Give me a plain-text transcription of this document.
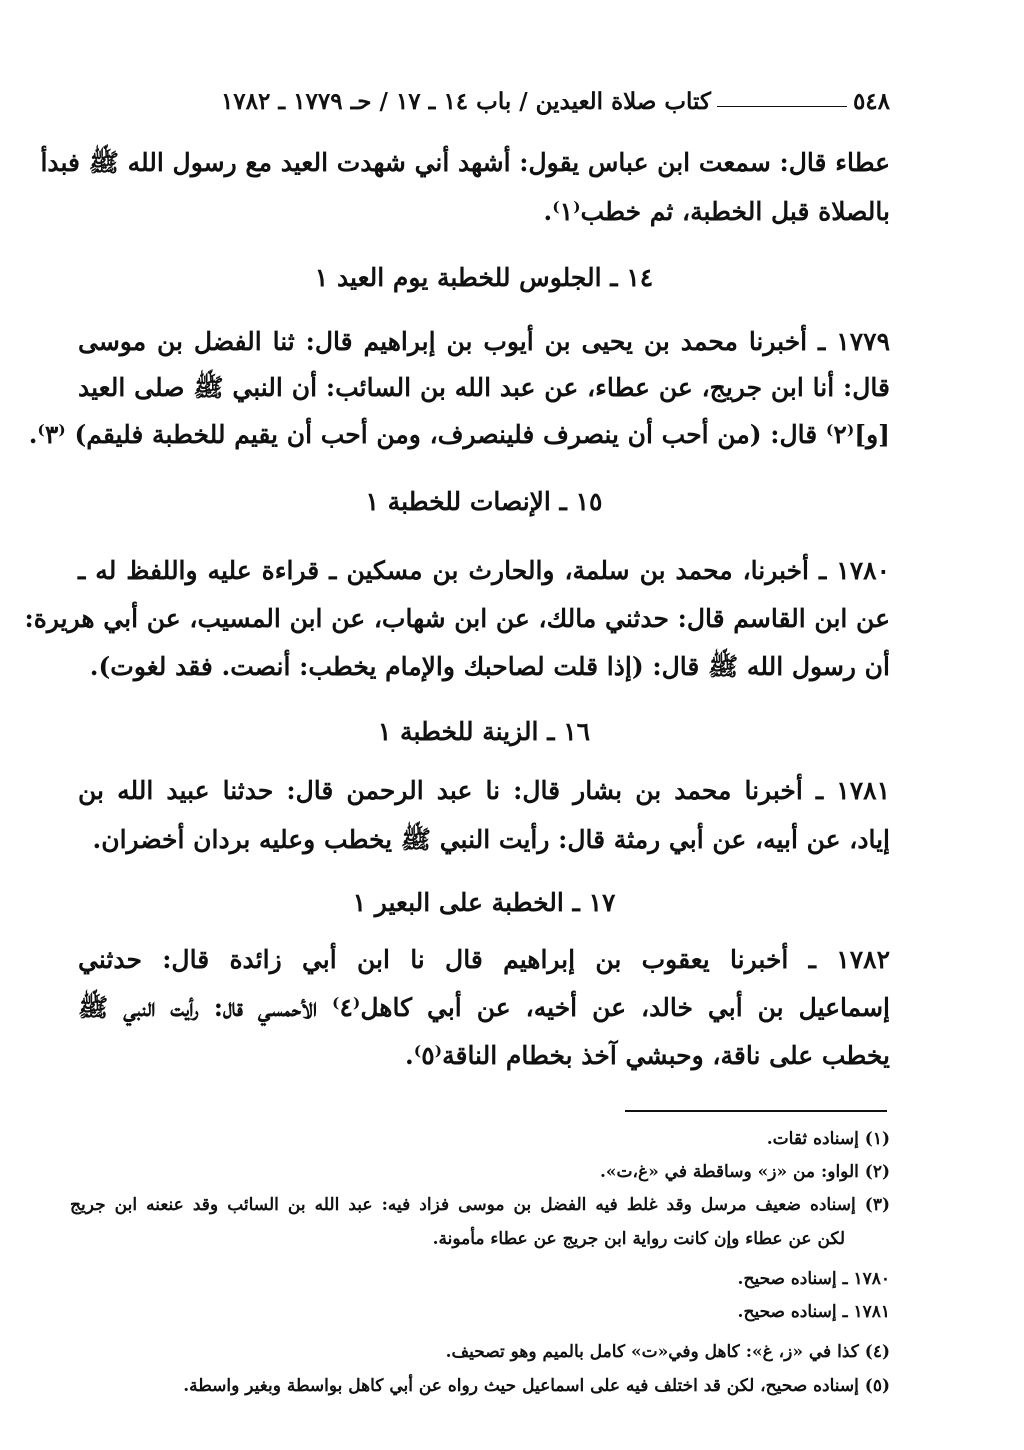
٥٤٨
كتاب صلاة العيدين / باب ١٤ ـ ١٧ / حـ ١٧٧٩ ـ ١٧٨٢
عطاء قال: سمعت ابن عباس يقول: أشهد أني شهدت العيد مع رسول الله ﷺ فبدأ
بالصلاة قبل الخطبة، ثم خطب⁽١⁾.
١٤ ـ الجلوس للخطبة يوم العيد ١
١٧٧٩ ـ أخبرنا محمد بن يحيى بن أيوب بن إبراهيم قال: ثنا الفضل بن موسى
قال: أنا ابن جريج، عن عطاء، عن عبد الله بن السائب: أن النبي ﷺ صلى العيد
[و]⁽٢⁾ قال: (من أحب أن ينصرف فلينصرف، ومن أحب أن يقيم للخطبة فليقم) ⁽٣⁾.
١٥ ـ الإنصات للخطبة ١
١٧٨٠ ـ أخبرنا، محمد بن سلمة، والحارث بن مسكين ـ قراءة عليه واللفظ له ـ
عن ابن القاسم قال: حدثني مالك، عن ابن شهاب، عن ابن المسيب، عن أبي هريرة:
أن رسول الله ﷺ قال: (إذا قلت لصاحبك والإمام يخطب: أنصت. فقد لغوت).
١٦ ـ الزينة للخطبة ١
١٧٨١ ـ أخبرنا محمد بن بشار قال: نا عبد الرحمن قال: حدثنا عبيد الله بن
إياد، عن أبيه، عن أبي رمثة قال: رأيت النبي ﷺ يخطب وعليه بردان أخضران.
١٧ ـ الخطبة على البعير ١
١٧٨٢ ـ أخبرنا يعقوب بن إبراهيم قال نا ابن أبي زائدة قال: حدثني
إسماعيل بن أبي خالد، عن أخيه، عن أبي كاهل⁽٤⁾ الأحمسي قال: رأيت النبي ﷺ
يخطب على ناقة، وحبشي آخذ بخطام الناقة⁽٥⁾.
(١) إسناده ثقات.
(٢) الواو: من «ز» وساقطة في «غ،ت».
(٣) إسناده ضعيف مرسل وقد غلط فيه الفضل بن موسى فزاد فيه: عبد الله بن السائب وقد عنعنه ابن جريج
لكن عن عطاء وإن كانت رواية ابن جريج عن عطاء مأمونة.
١٧٨٠ ـ إسناده صحيح.
١٧٨١ ـ إسناده صحيح.
(٤) كذا في «ز، غ»: كاهل وفي«ت» كامل بالميم وهو تصحيف.
(٥) إسناده صحيح، لكن قد اختلف فيه على اسماعيل حيث رواه عن أبي كاهل بواسطة وبغير واسطة.
